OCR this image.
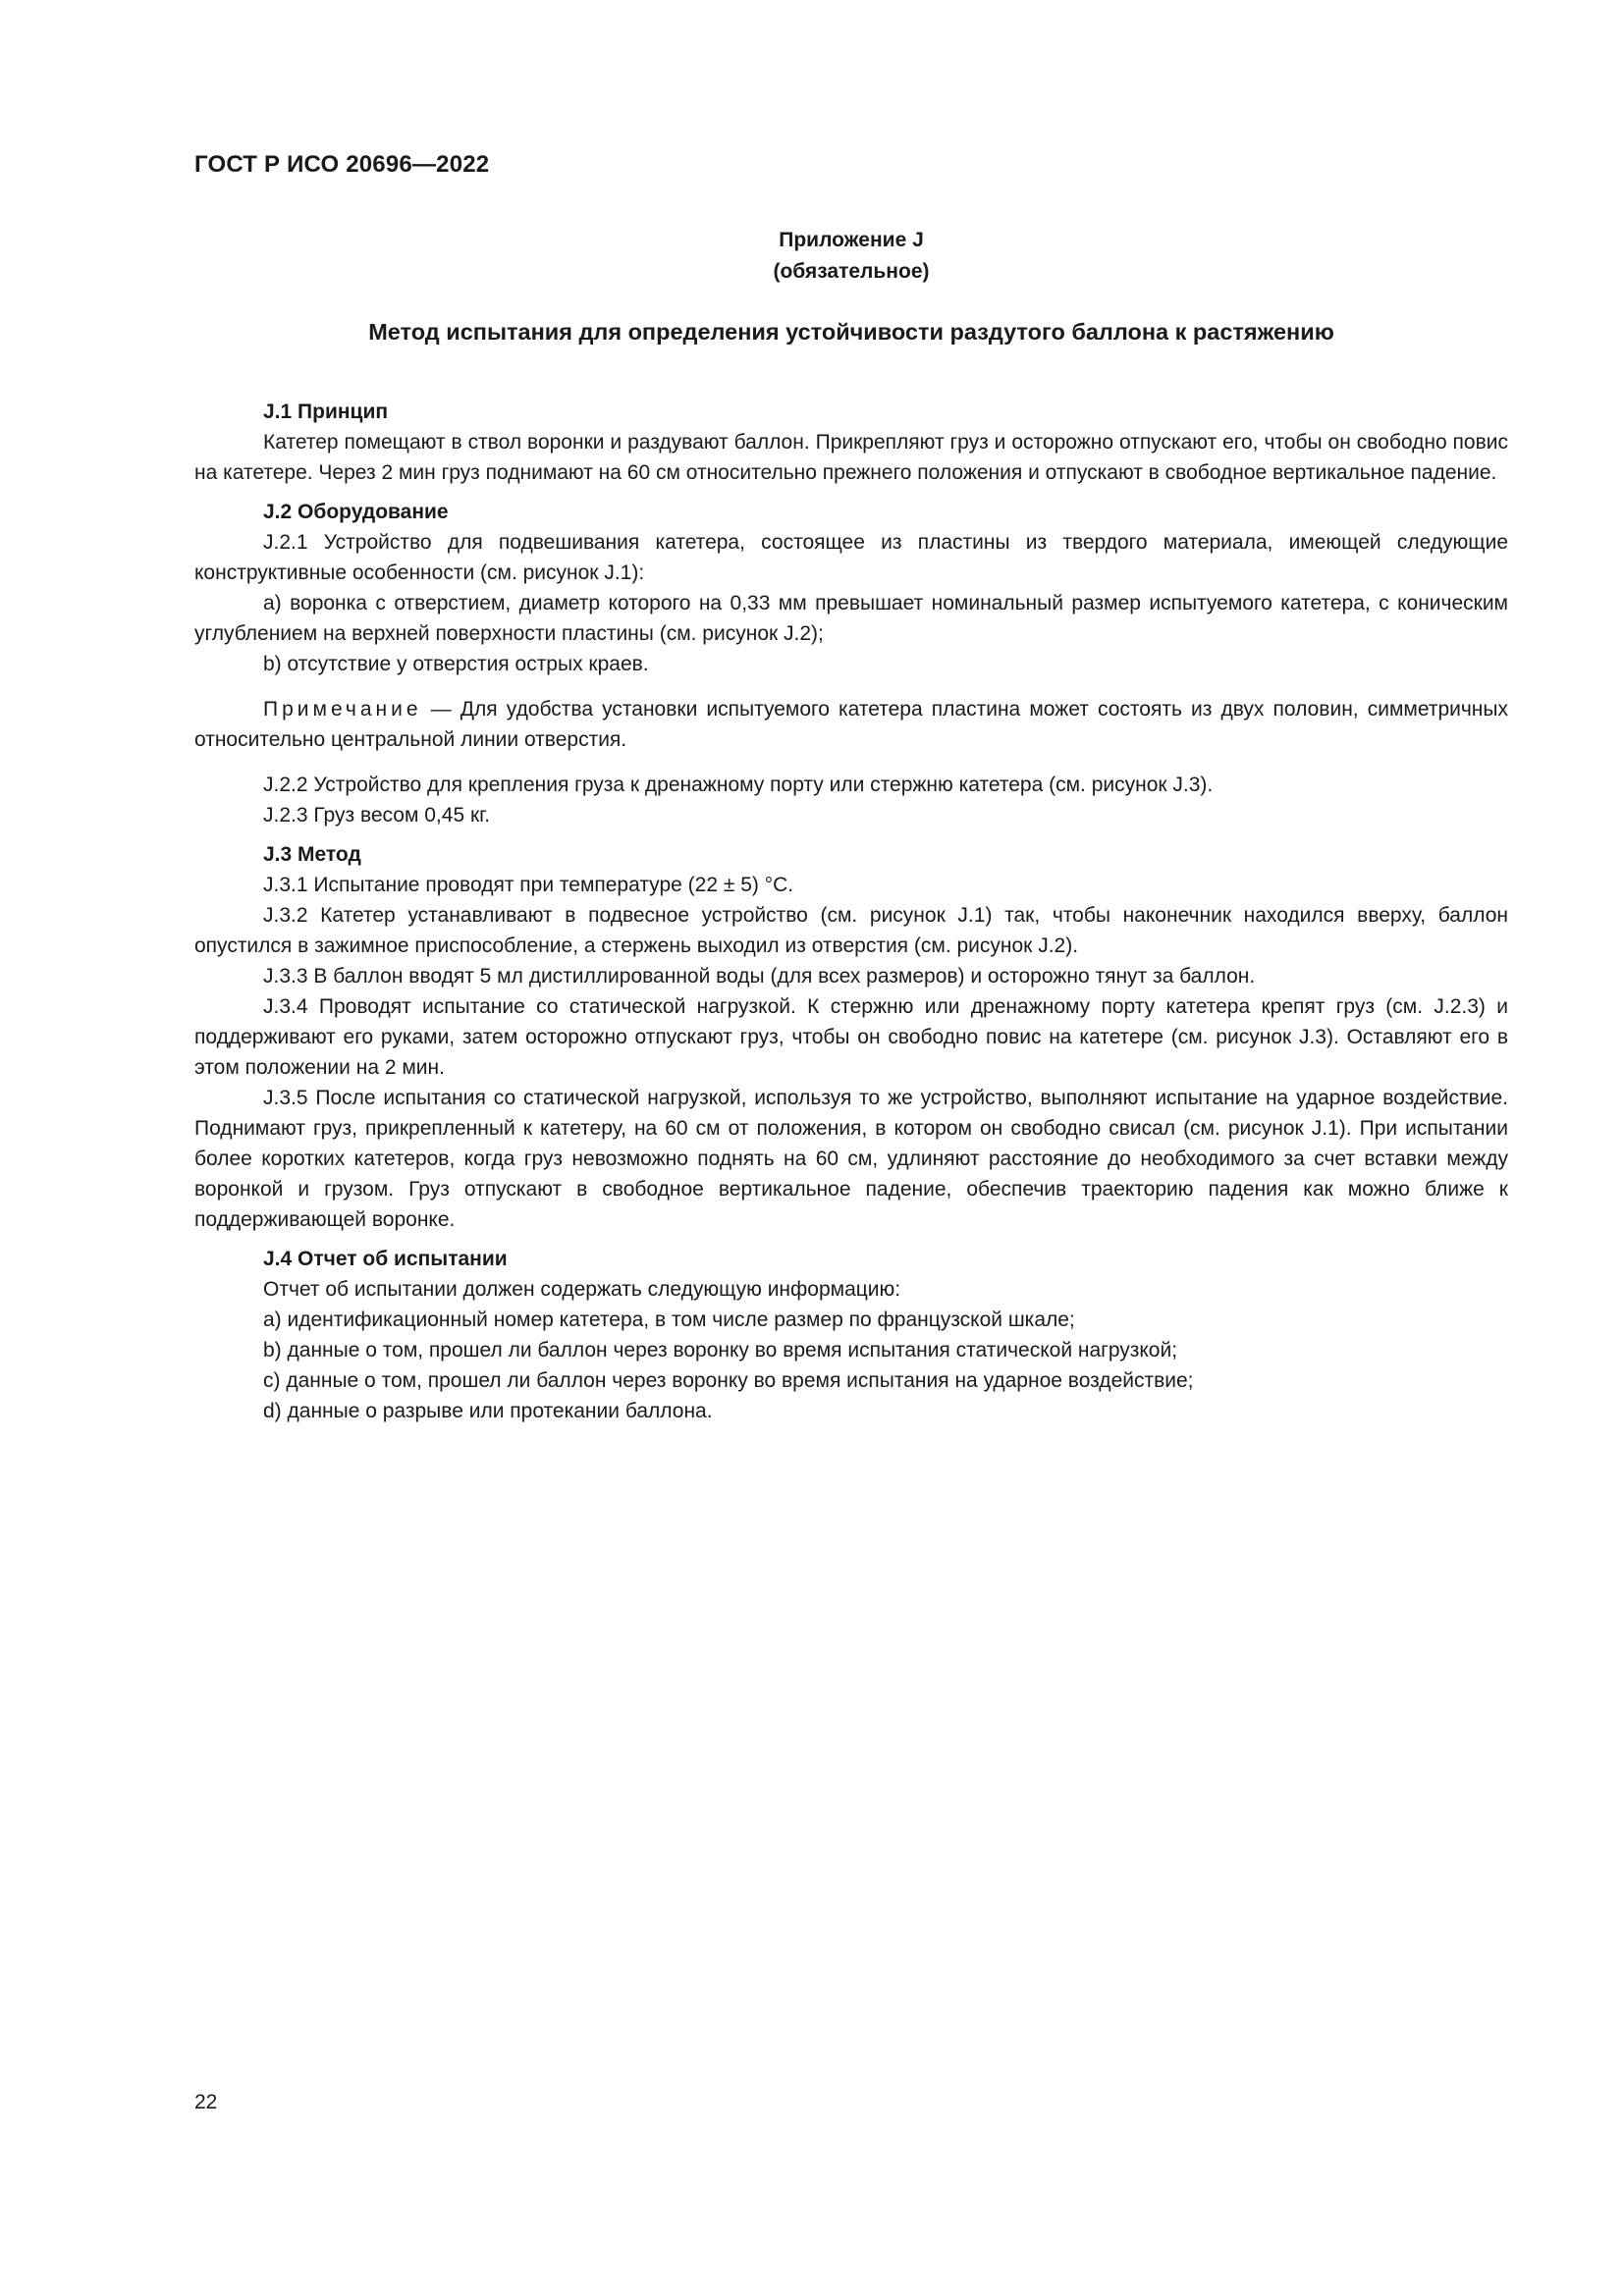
ГОСТ Р ИСО 20696—2022
Приложение J
(обязательное)
Метод испытания для определения устойчивости раздутого баллона к растяжению

J.1 Принцип

Катетер помещают в ствол воронки и раздувают баллон. Прикрепляют груз и осторожно отпускают его, чтобы он свободно повис на катетере. Через 2 мин груз поднимают на 60 см относительно прежнего положения и отпускают в свободное вертикальное падение.

J.2 Оборудование

J.2.1 Устройство для подвешивания катетера, состоящее из пластины из твердого материала, имеющей следующие конструктивные особенности (см. рисунок J.1):

a) воронка с отверстием, диаметр которого на 0,33 мм превышает номинальный размер испытуемого катетера, с коническим углублением на верхней поверхности пластины (см. рисунок J.2);

b) отсутствие у отверстия острых краев.

Примечание — Для удобства установки испытуемого катетера пластина может состоять из двух половин, симметричных относительно центральной линии отверстия.

J.2.2 Устройство для крепления груза к дренажному порту или стержню катетера (см. рисунок J.3).

J.2.3 Груз весом 0,45 кг.

J.3 Метод

J.3.1 Испытание проводят при температуре (22 ± 5) °С.

J.3.2 Катетер устанавливают в подвесное устройство (см. рисунок J.1) так, чтобы наконечник находился вверху, баллон опустился в зажимное приспособление, а стержень выходил из отверстия (см. рисунок J.2).

J.3.3 В баллон вводят 5 мл дистиллированной воды (для всех размеров) и осторожно тянут за баллон.

J.3.4 Проводят испытание со статической нагрузкой. К стержню или дренажному порту катетера крепят груз (см. J.2.3) и поддерживают его руками, затем осторожно отпускают груз, чтобы он свободно повис на катетере (см. рисунок J.3). Оставляют его в этом положении на 2 мин.

J.3.5 После испытания со статической нагрузкой, используя то же устройство, выполняют испытание на ударное воздействие. Поднимают груз, прикрепленный к катетеру, на 60 см от положения, в котором он свободно свисал (см. рисунок J.1). При испытании более коротких катетеров, когда груз невозможно поднять на 60 см, удлиняют расстояние до необходимого за счет вставки между воронкой и грузом. Груз отпускают в свободное вертикальное падение, обеспечив траекторию падения как можно ближе к поддерживающей воронке.

J.4 Отчет об испытании

Отчет об испытании должен содержать следующую информацию:

a) идентификационный номер катетера, в том числе размер по французской шкале;

b) данные о том, прошел ли баллон через воронку во время испытания статической нагрузкой;

c) данные о том, прошел ли баллон через воронку во время испытания на ударное воздействие;

d) данные о разрыве или протекании баллона.

22
